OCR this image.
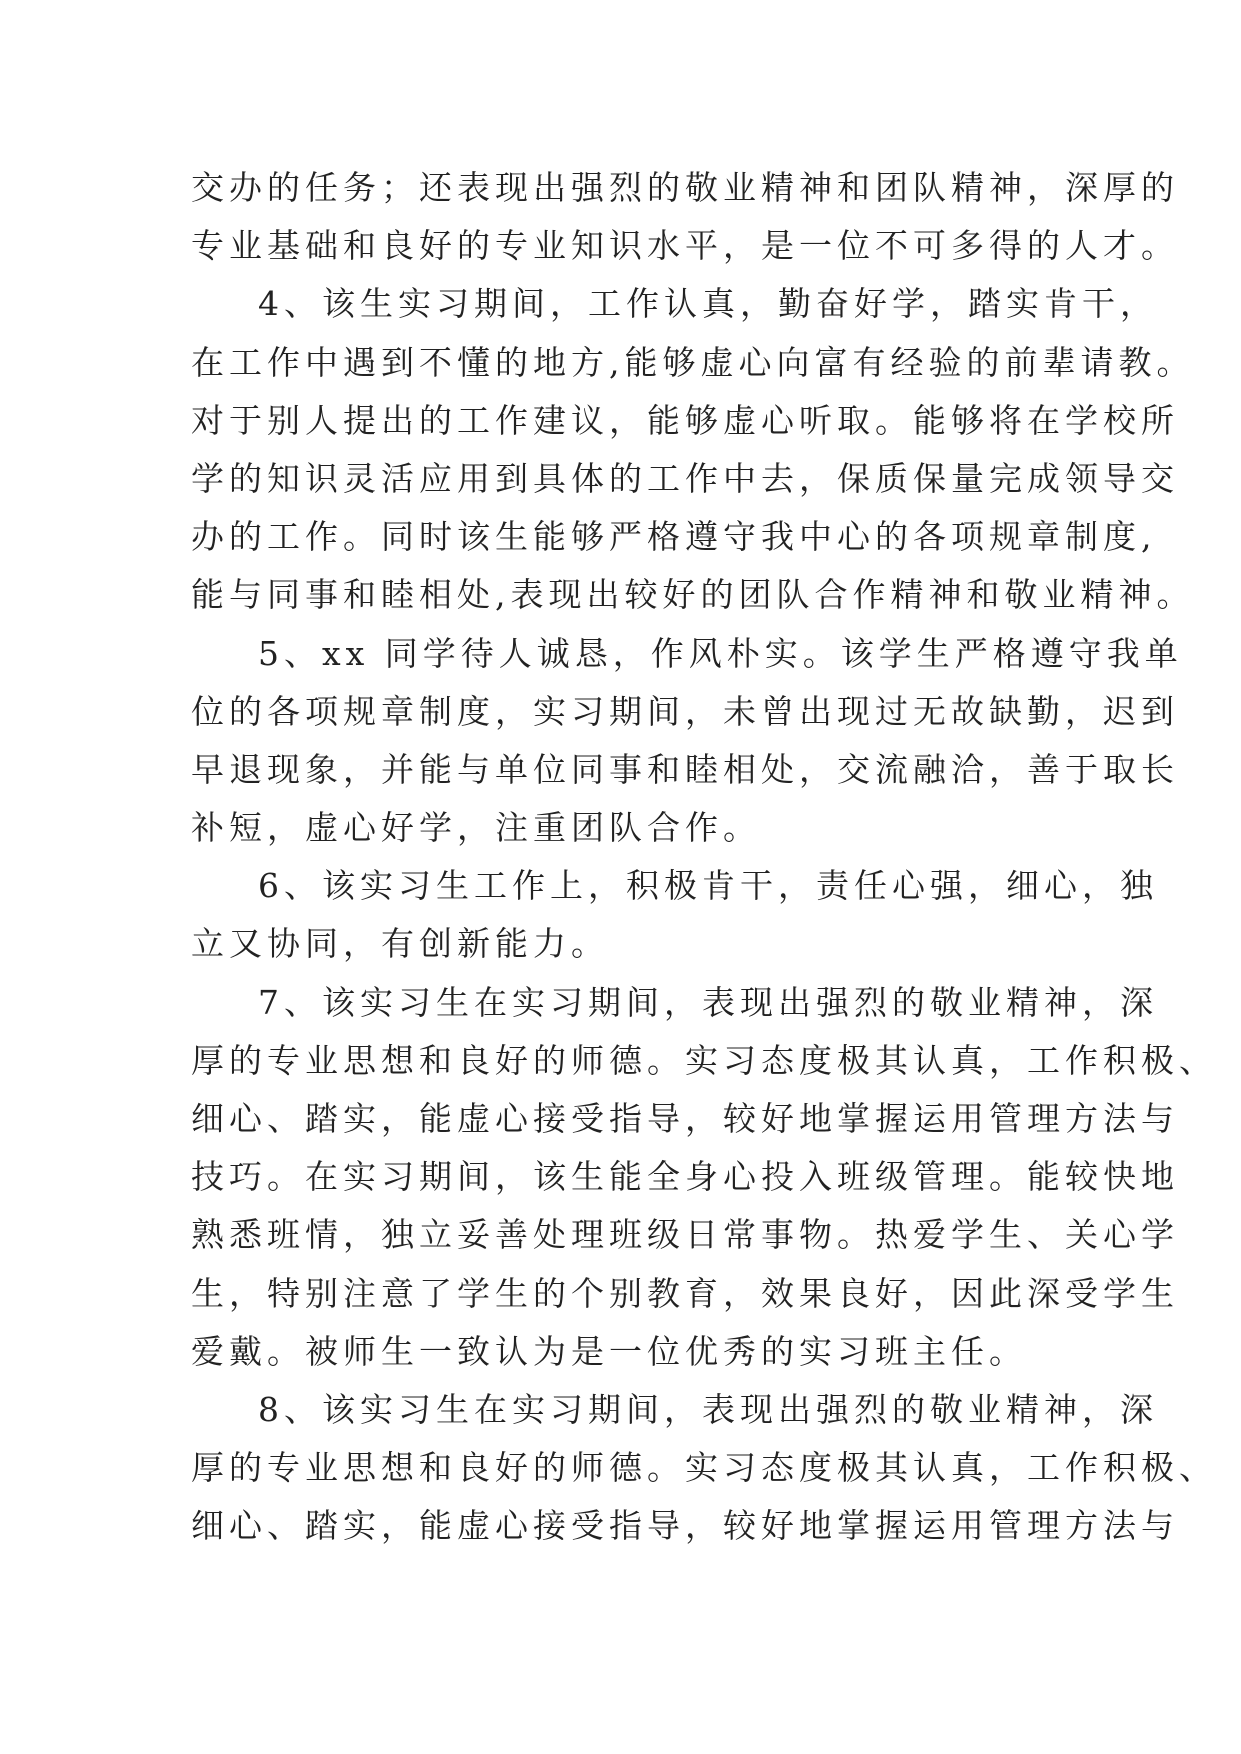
交办的任务；还表现出强烈的敬业精神和团队精神，深厚的
专业基础和良好的专业知识水平，是一位不可多得的人才。
4、该生实习期间，工作认真，勤奋好学，踏实肯干，
在工作中遇到不懂的地方,能够虚心向富有经验的前辈请教。
对于别人提出的工作建议，能够虚心听取。能够将在学校所
学的知识灵活应用到具体的工作中去，保质保量完成领导交
办的工作。同时该生能够严格遵守我中心的各项规章制度,
能与同事和睦相处,表现出较好的团队合作精神和敬业精神。
5、xx 同学待人诚恳，作风朴实。该学生严格遵守我单
位的各项规章制度，实习期间，未曾出现过无故缺勤，迟到
早退现象，并能与单位同事和睦相处，交流融洽，善于取长
补短，虚心好学，注重团队合作。
6、该实习生工作上，积极肯干，责任心强，细心，独
立又协同，有创新能力。
7、该实习生在实习期间，表现出强烈的敬业精神，深
厚的专业思想和良好的师德。实习态度极其认真，工作积极、
细心、踏实，能虚心接受指导，较好地掌握运用管理方法与
技巧。在实习期间，该生能全身心投入班级管理。能较快地
熟悉班情，独立妥善处理班级日常事物。热爱学生、关心学
生，特别注意了学生的个别教育，效果良好，因此深受学生
爱戴。被师生一致认为是一位优秀的实习班主任。
8、该实习生在实习期间，表现出强烈的敬业精神，深
厚的专业思想和良好的师德。实习态度极其认真，工作积极、
细心、踏实，能虚心接受指导，较好地掌握运用管理方法与
